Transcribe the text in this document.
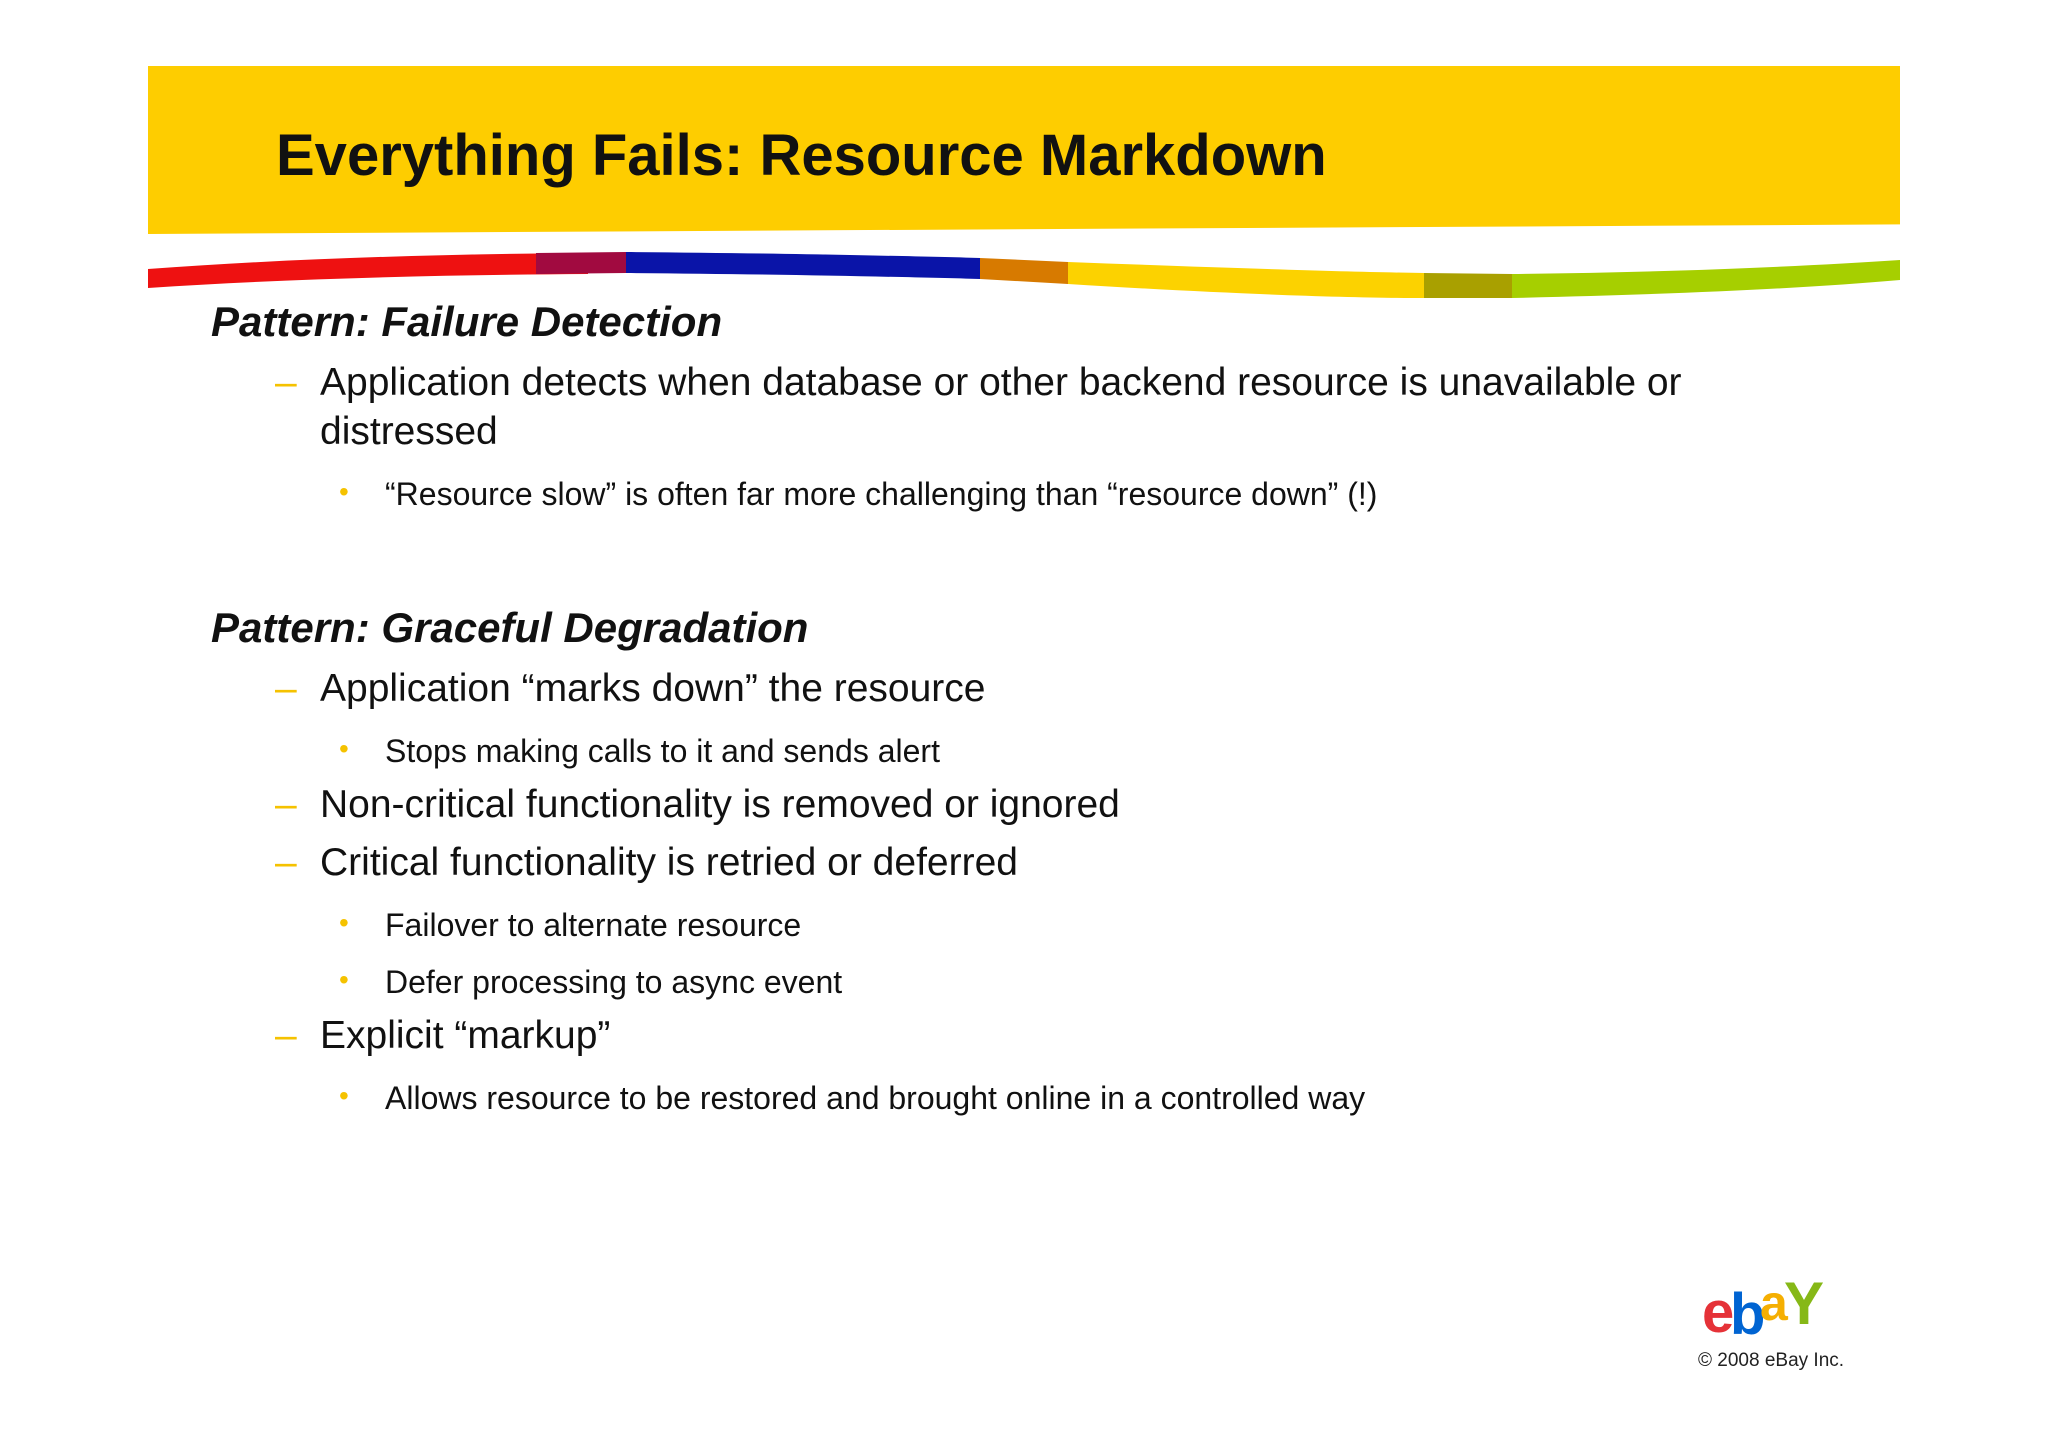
Everything Fails: Resource Markdown
Pattern: Failure Detection
– Application detects when database or other backend resource is unavailable or distressed
• “Resource slow” is often far more challenging than “resource down” (!)
Pattern: Graceful Degradation
– Application “marks down” the resource
• Stops making calls to it and sends alert
– Non-critical functionality is removed or ignored
– Critical functionality is retried or deferred
• Failover to alternate resource
• Defer processing to async event
– Explicit “markup”
• Allows resource to be restored and brought online in a controlled way
e b a Y
© 2008 eBay Inc.
